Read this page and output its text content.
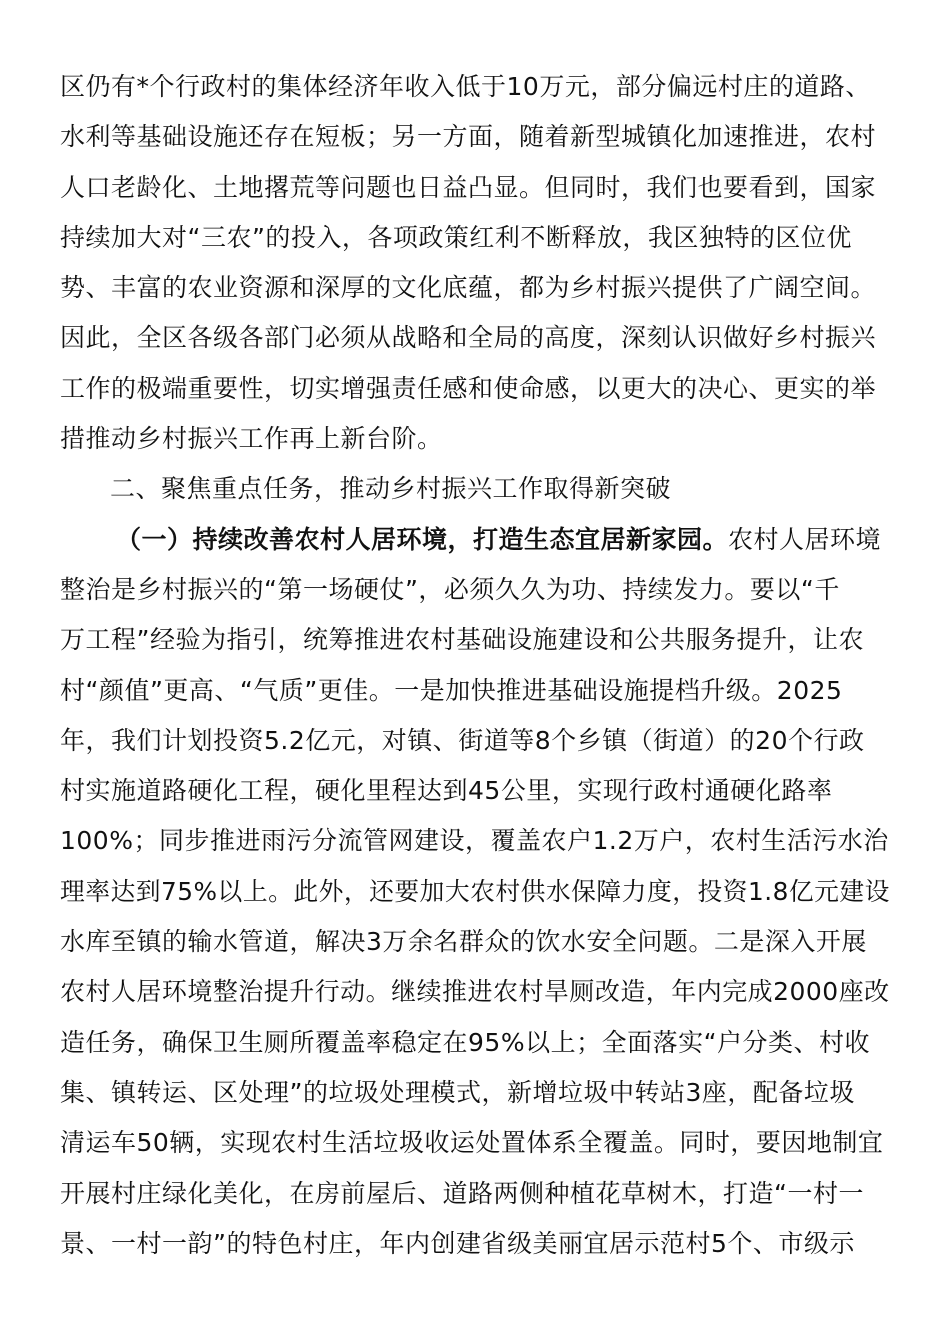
区仍有*个行政村的集体经济年收入低于10万元，部分偏远村庄的道路、
水利等基础设施还存在短板；另一方面，随着新型城镇化加速推进，农村
人口老龄化、土地撂荒等问题也日益凸显。但同时，我们也要看到，国家
持续加大对“三农”的投入，各项政策红利不断释放，我区独特的区位优
势、丰富的农业资源和深厚的文化底蕴，都为乡村振兴提供了广阔空间。
因此，全区各级各部门必须从战略和全局的高度，深刻认识做好乡村振兴
工作的极端重要性，切实增强责任感和使命感，以更大的决心、更实的举
措推动乡村振兴工作再上新台阶。
二、聚焦重点任务，推动乡村振兴工作取得新突破
（一）持续改善农村人居环境，打造生态宜居新家园。农村人居环境
整治是乡村振兴的“第一场硬仗”，必须久久为功、持续发力。要以“千
万工程”经验为指引，统筹推进农村基础设施建设和公共服务提升，让农
村“颜值”更高、“气质”更佳。一是加快推进基础设施提档升级。2025
年，我们计划投资5.2亿元，对镇、街道等8个乡镇（街道）的20个行政
村实施道路硬化工程，硬化里程达到45公里，实现行政村通硬化路率
100%；同步推进雨污分流管网建设，覆盖农户1.2万户，农村生活污水治
理率达到75%以上。此外，还要加大农村供水保障力度，投资1.8亿元建设
水库至镇的输水管道，解决3万余名群众的饮水安全问题。二是深入开展
农村人居环境整治提升行动。继续推进农村旱厕改造，年内完成2000座改
造任务，确保卫生厕所覆盖率稳定在95%以上；全面落实“户分类、村收
集、镇转运、区处理”的垃圾处理模式，新增垃圾中转站3座，配备垃圾
清运车50辆，实现农村生活垃圾收运处置体系全覆盖。同时，要因地制宜
开展村庄绿化美化，在房前屋后、道路两侧种植花草树木，打造“一村一
景、一村一韵”的特色村庄，年内创建省级美丽宜居示范村5个、市级示
